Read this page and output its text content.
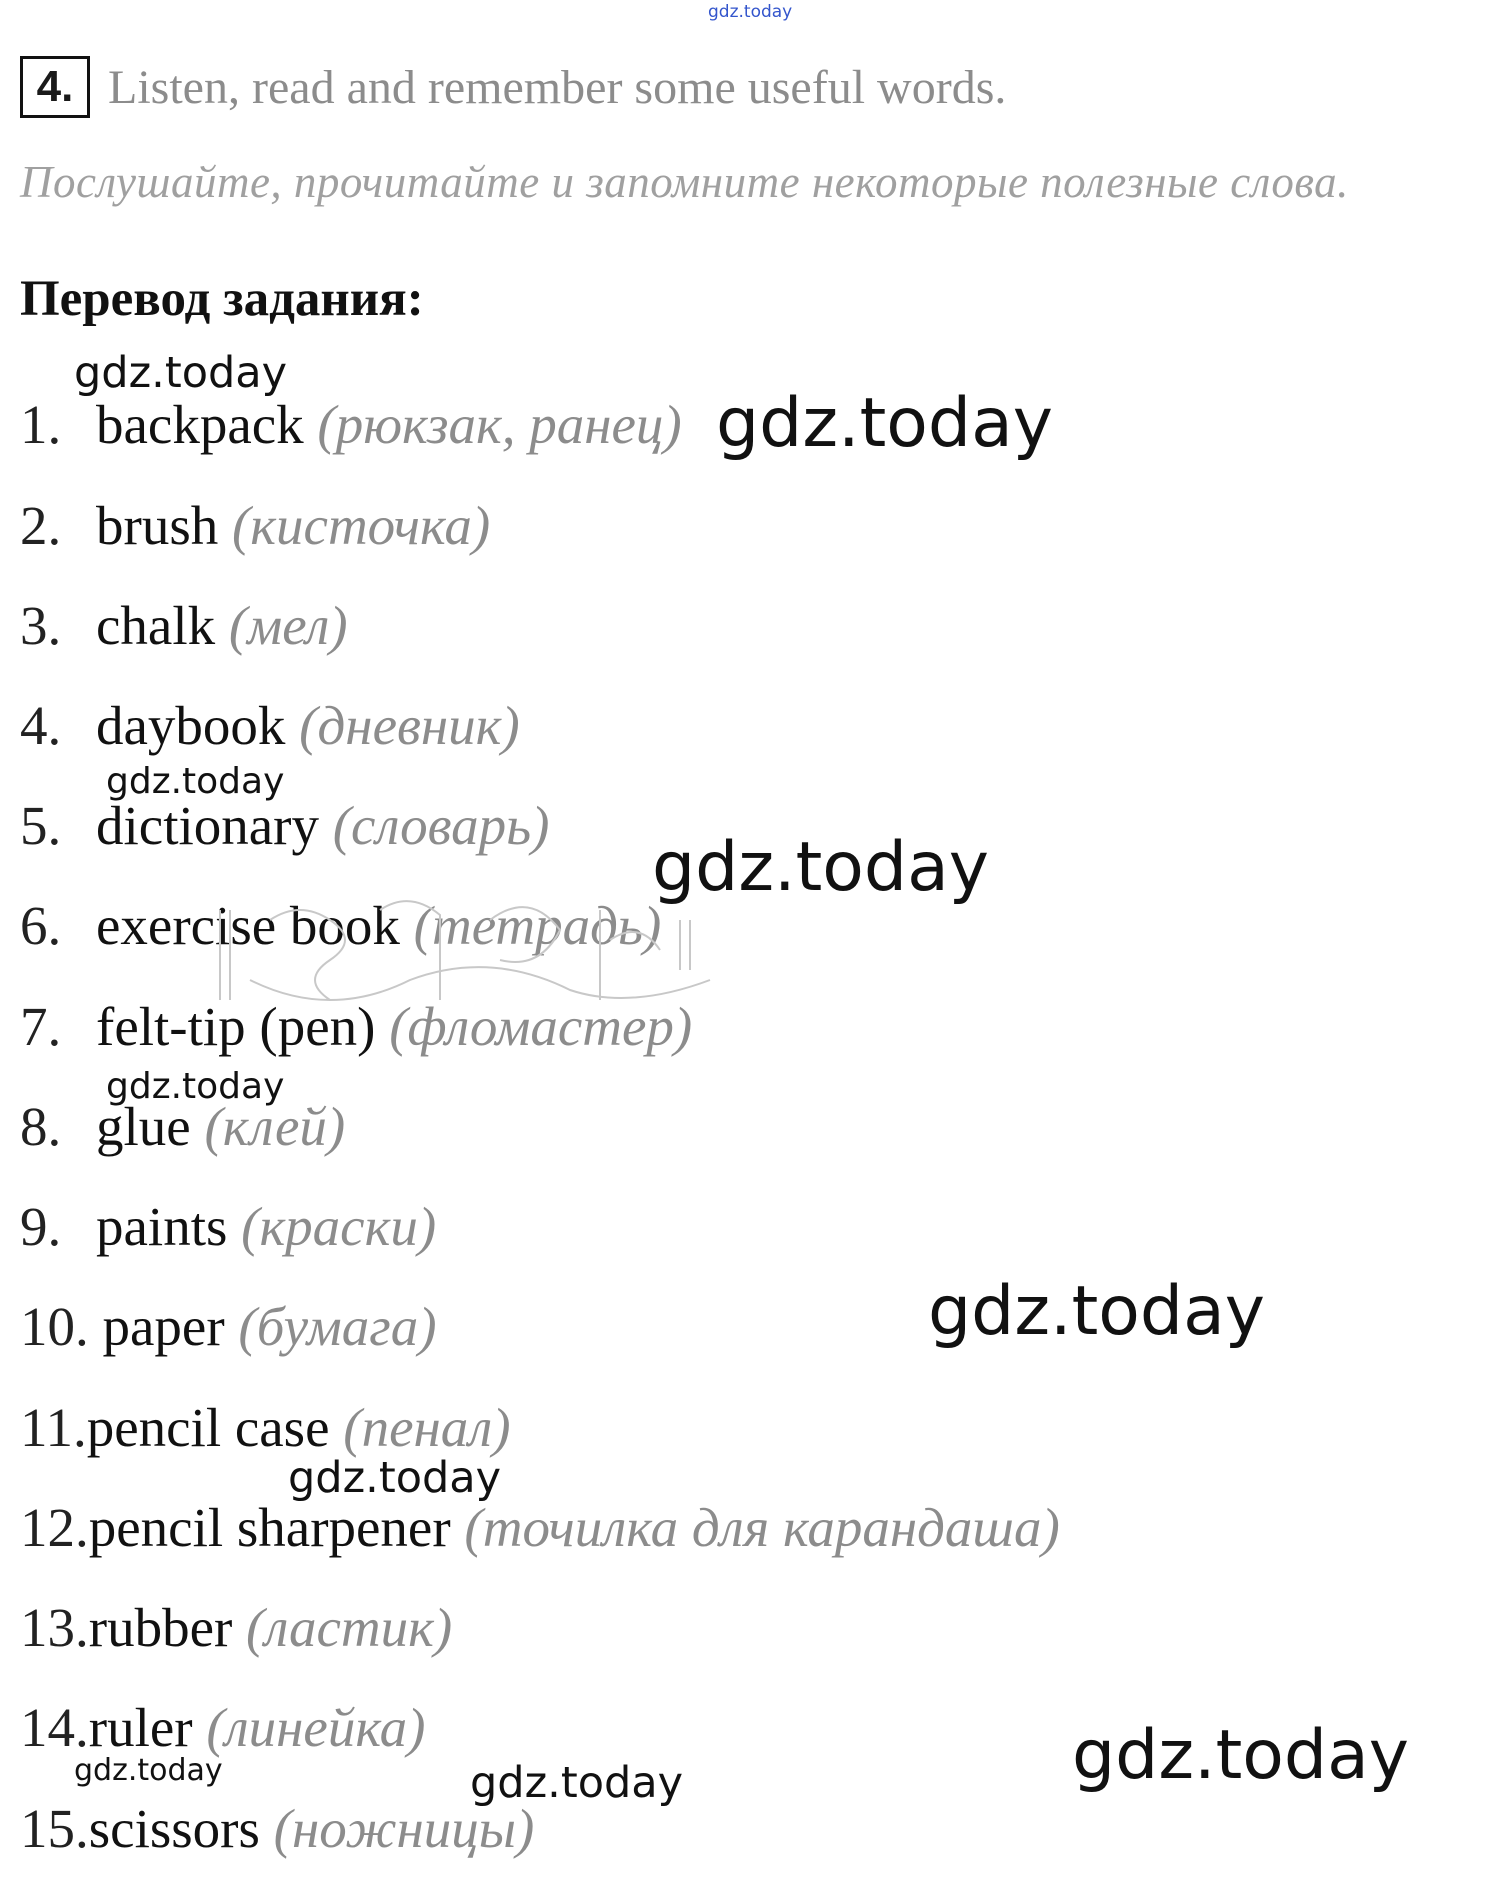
gdz.today
gdz.today
gdz.today
gdz.today
gdz.today
gdz.today
gdz.today
gdz.today
gdz.today
gdz.today	gdz.today
4. Listen, read and remember some useful words.
Послушайте, прочитайте и запомните некоторые полезные слова.
Перевод задания:
1. backpack (рюкзак, ранец)
2. brush (кисточка)
3. chalk (мел)
4. daybook (дневник)
5. dictionary (словарь)
6. exercise book (тетрадь)
7. felt-tip (pen) (фломастер)
8. glue (клей)
9. paints (краски)
10. paper (бумага)
11.pencil case (пенал)
12.pencil sharpener (точилка для карандаша)
13.rubber (ластик)
14.ruler (линейка)
15.scissors (ножницы)
